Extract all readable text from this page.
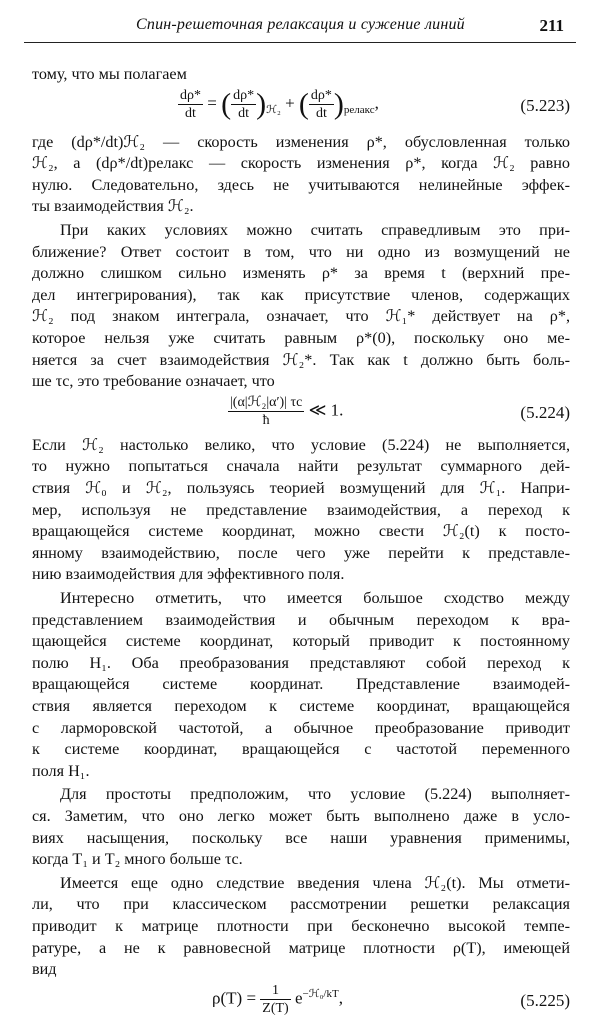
Спин-решеточная релаксация и сужение линий	211
тому, что мы полагаем
$\frac{d\rho*}{dt}$ = ( $\frac{d\rho*}{dt} )_{ℋ_2}$ + ( $\frac{d\rho*}{dt} )_{релакс}$,	(5.223)
где (dρ*/dt)ℋ₂ — скорость изменения ρ*, обусловленная только
ℋ₂, а (dρ*/dt)релакс — скорость изменения ρ*, когда ℋ₂ равно
нулю. Следовательно, здесь не учитываются нелинейные эффек-
ты взаимодействия ℋ₂.
При каких условиях можно считать справедливым это при-
ближение? Ответ состоит в том, что ни одно из возмущений не
должно слишком сильно изменять ρ* за время t (верхний пре-
дел интегрирования), так как присутствие членов, содержащих
ℋ₂ под знаком интеграла, означает, что ℋ₁* действует на ρ*,
которое нельзя уже считать равным ρ*(0), поскольку оно ме-
няется за счет взаимодействия ℋ₂*. Так как t должно быть боль-
ше τc, это требование означает, что
$\frac{\text{|(α|ℋ₂|α′)| τc}}{ħ}$ ≪ 1.	(5.224)
Если ℋ₂ настолько велико, что условие (5.224) не выполняется,
то нужно попытаться сначала найти результат суммарного дей-
ствия ℋ₀ и ℋ₂, пользуясь теорией возмущений для ℋ₁. Напри-
мер, используя не представление взаимодействия, а переход к
вращающейся системе координат, можно свести ℋ₂(t) к посто-
янному взаимодействию, после чего уже перейти к представле-
нию взаимодействия для эффективного поля.
Интересно отметить, что имеется большое сходство между
представлением взаимодействия и обычным переходом к вра-
щающейся системе координат, который приводит к постоянному
полю H₁. Оба преобразования представляют собой переход к
вращающейся системе координат. Представление взаимодей-
ствия является переходом к системе координат, вращающейся
с ларморовской частотой, а обычное преобразование приводит
к системе координат, вращающейся с частотой переменного
поля H₁.
Для простоты предположим, что условие (5.224) выполняет-
ся. Заметим, что оно легко может быть выполнено даже в усло-
виях насыщения, поскольку все наши уравнения применимы,
когда T₁ и T₂ много больше τc.
Имеется еще одно следствие введения члена ℋ₂(t). Мы отмети-
ли, что при классическом рассмотрении решетки релаксация
приводит к матрице плотности при бесконечно высокой темпе-
ратуре, а не к равновесной матрице плотности ρ(T), имеющей
вид
$\rho(T) = \frac{1}{Z(T)} e^{-ℋ_0/kT}$,	(5.225)
